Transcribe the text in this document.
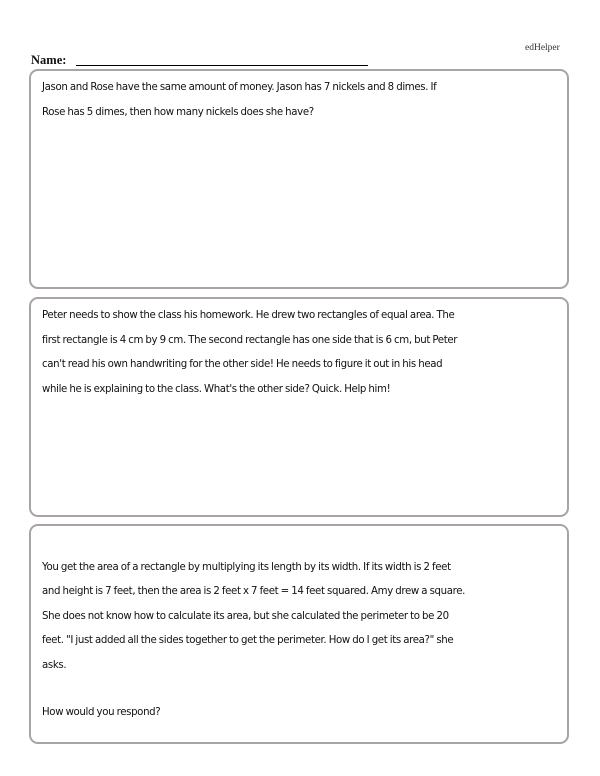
edHelper
Name:
Jason and Rose have the same amount of money. Jason has 7 nickels and 8 dimes. If
Rose has 5 dimes, then how many nickels does she have?
Peter needs to show the class his homework. He drew two rectangles of equal area. The
first rectangle is 4 cm by 9 cm. The second rectangle has one side that is 6 cm, but Peter
can't read his own handwriting for the other side! He needs to figure it out in his head
while he is explaining to the class. What's the other side? Quick. Help him!

You get the area of a rectangle by multiplying its length by its width. If its width is 2 feet
and height is 7 feet, then the area is 2 feet x 7 feet = 14 feet squared. Amy drew a square.
She does not know how to calculate its area, but she calculated the perimeter to be 20
feet. "I just added all the sides together to get the perimeter. How do I get its area?" she
asks.

How would you respond?
